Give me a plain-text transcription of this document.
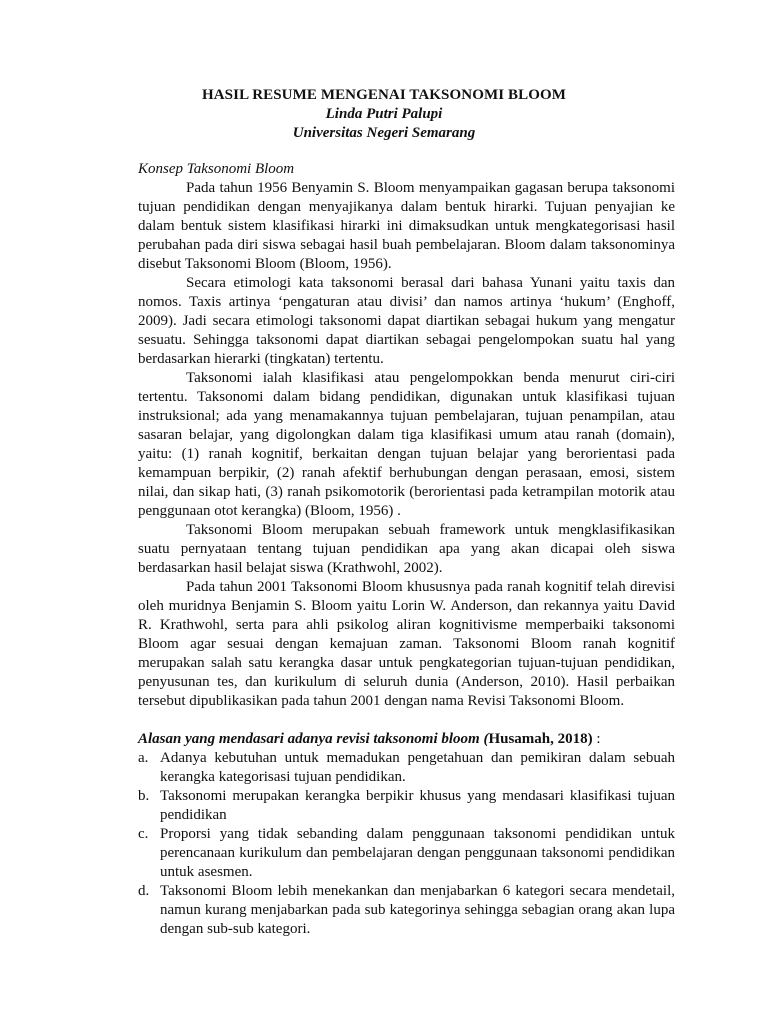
HASIL RESUME MENGENAI TAKSONOMI BLOOM
Linda Putri Palupi
Universitas Negeri Semarang
Konsep Taksonomi Bloom

Pada tahun 1956 Benyamin S. Bloom menyampaikan gagasan berupa taksonomi tujuan pendidikan dengan menyajikanya dalam bentuk hirarki. Tujuan penyajian ke dalam bentuk sistem klasifikasi hirarki ini dimaksudkan untuk mengkategorisasi hasil perubahan pada diri siswa sebagai hasil buah pembelajaran. Bloom dalam taksonominya disebut Taksonomi Bloom (Bloom, 1956).

Secara etimologi kata taksonomi berasal dari bahasa Yunani yaitu taxis dan nomos. Taxis artinya ‘pengaturan atau divisi’ dan namos artinya ‘hukum’ (Enghoff, 2009). Jadi secara etimologi taksonomi dapat diartikan sebagai hukum yang mengatur sesuatu. Sehingga taksonomi dapat diartikan sebagai pengelompokan suatu hal yang berdasarkan hierarki (tingkatan) tertentu.

Taksonomi ialah klasifikasi atau pengelompokkan benda menurut ciri-ciri tertentu. Taksonomi dalam bidang pendidikan, digunakan untuk klasifikasi tujuan instruksional; ada yang menamakannya tujuan pembelajaran, tujuan penampilan, atau sasaran belajar, yang digolongkan dalam tiga klasifikasi umum atau ranah (domain), yaitu: (1) ranah kognitif, berkaitan dengan tujuan belajar yang berorientasi pada kemampuan berpikir, (2) ranah afektif berhubungan dengan perasaan, emosi, sistem nilai, dan sikap hati, (3) ranah psikomotorik (berorientasi pada ketrampilan motorik atau penggunaan otot kerangka) (Bloom, 1956) .

Taksonomi Bloom merupakan sebuah framework untuk mengklasifikasikan suatu pernyataan tentang tujuan pendidikan apa yang akan dicapai oleh siswa berdasarkan hasil belajat siswa (Krathwohl, 2002).

Pada tahun 2001 Taksonomi Bloom khususnya pada ranah kognitif telah direvisi oleh muridnya Benjamin S. Bloom yaitu Lorin W. Anderson, dan rekannya yaitu David R. Krathwohl, serta para ahli psikolog aliran kognitivisme memperbaiki taksonomi Bloom agar sesuai dengan kemajuan zaman. Taksonomi Bloom ranah kognitif merupakan salah satu kerangka dasar untuk pengkategorian tujuan-tujuan pendidikan, penyusunan tes, dan kurikulum di seluruh dunia (Anderson, 2010). Hasil perbaikan tersebut dipublikasikan pada tahun 2001 dengan nama Revisi Taksonomi Bloom.

Alasan yang mendasari adanya revisi taksonomi bloom (Husamah, 2018) :
a. Adanya kebutuhan untuk memadukan pengetahuan dan pemikiran dalam sebuah kerangka kategorisasi tujuan pendidikan.
b. Taksonomi merupakan kerangka berpikir khusus yang mendasari klasifikasi tujuan pendidikan
c. Proporsi yang tidak sebanding dalam penggunaan taksonomi pendidikan untuk perencanaan kurikulum dan pembelajaran dengan penggunaan taksonomi pendidikan untuk asesmen.
d. Taksonomi Bloom lebih menekankan dan menjabarkan 6 kategori secara mendetail, namun kurang menjabarkan pada sub kategorinya sehingga sebagian orang akan lupa dengan sub-sub kategori.
